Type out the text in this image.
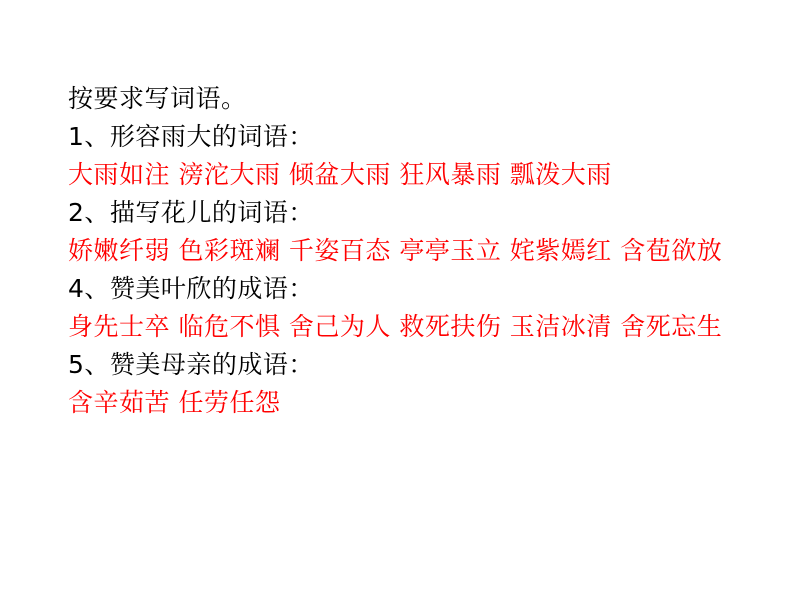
按要求写词语。
1、形容雨大的词语：
大雨如注 滂沱大雨 倾盆大雨 狂风暴雨 瓢泼大雨
2、描写花儿的词语：
娇嫩纤弱 色彩斑斓 千姿百态 亭亭玉立 姹紫嫣红 含苞欲放
4、赞美叶欣的成语：
身先士卒 临危不惧 舍己为人 救死扶伤 玉洁冰清 舍死忘生
5、赞美母亲的成语：
含辛茹苦 任劳任怨
